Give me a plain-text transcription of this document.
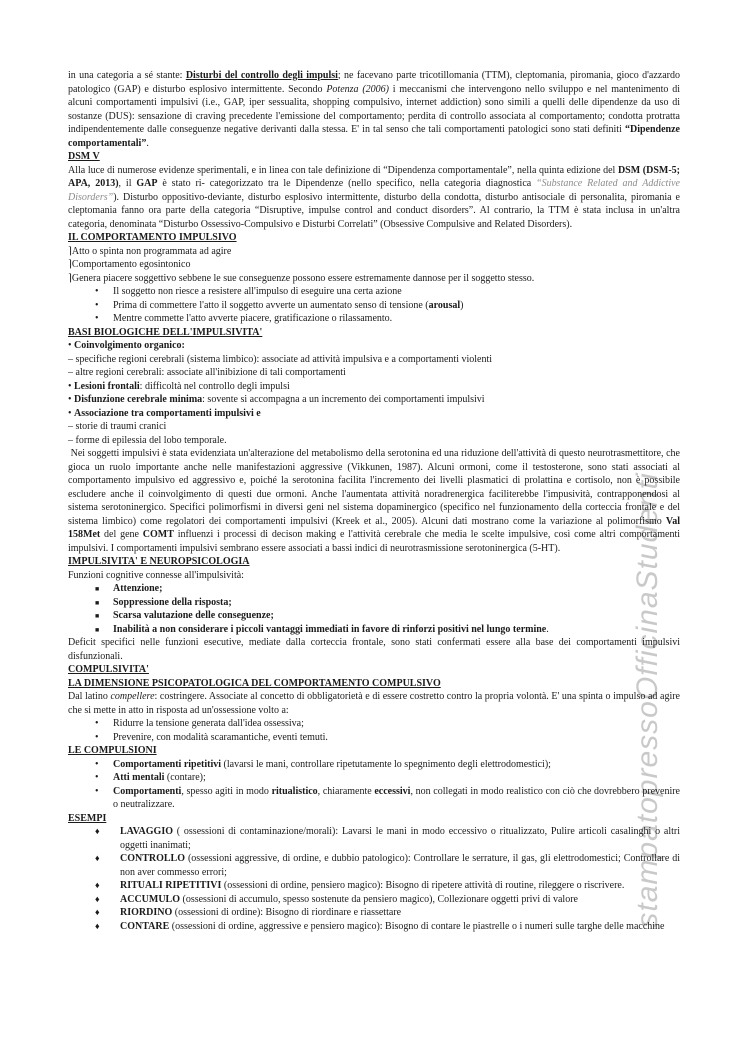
stampatopressoOfficinaStudenti
in una categoria a sé stante: Disturbi del controllo degli impulsi; ne facevano parte tricotillomania (TTM), cleptomania, piromania, gioco d'azzardo patologico (GAP) e disturbo esplosivo intermittente. Secondo Potenza (2006) i meccanismi che intervengono nello sviluppo e nel mantenimento di alcuni comportamenti impulsivi (i.e., GAP, iper sessualita, shopping compulsivo, internet addiction) sono simili a quelli delle dipendenze da uso di sostanze (DUS): sensazione di craving precedente l'emissione del comportamento; perdita di controllo associata al comportamento; condotta protratta indipendentemente dalle conseguenze negative derivanti dalla stessa. E' in tal senso che tali comportamenti patologici sono stati definiti “Dipendenze comportamentali”.
DSM V
Alla luce di numerose evidenze sperimentali, e in linea con tale definizione di “Dipendenza comportamentale”, nella quinta edizione del DSM (DSM-5; APA, 2013), il GAP è stato ri- categorizzato tra le Dipendenze (nello specifico, nella categoria diagnostica “Substance Related and Addictive Disorders”). Disturbo oppositivo-deviante, disturbo esplosivo intermittente, disturbo della condotta, disturbo antisociale di personalita, piromania e cleptomania fanno ora parte della categoria “Disruptive, impulse control and conduct disorders”. Al contrario, la TTM è stata inclusa in un'altra categoria, denominata “Disturbo Ossessivo-Compulsivo e Disturbi Correlati” (Obsessive Compulsive and Related Disorders).
IL COMPORTAMENTO IMPULSIVO
⌉Atto o spinta non programmata ad agire
⌉Comportamento egosintonico
⌉Genera piacere soggettivo sebbene le sue conseguenze possono essere estremamente dannose per il soggetto stesso.
• Il soggetto non riesce a resistere all'impulso di eseguire una certa azione
• Prima di commettere l'atto il soggetto avverte un aumentato senso di tensione (arousal)
• Mentre commette l'atto avverte piacere, gratificazione o rilassamento.
BASI BIOLOGICHE DELL'IMPULSIVITA'
• Coinvolgimento organico:
– specifiche regioni cerebrali (sistema limbico): associate ad attività impulsiva e a comportamenti violenti
– altre regioni cerebrali: associate all'inibizione di tali comportamenti
• Lesioni frontali: difficoltà nel controllo degli impulsi
• Disfunzione cerebrale minima: sovente si accompagna a un incremento dei comportamenti impulsivi
• Associazione tra comportamenti impulsivi e
– storie di traumi cranici
– forme di epilessia del lobo temporale.
Nei soggetti impulsivi è stata evidenziata un'alterazione del metabolismo della serotonina ed una riduzione dell'attività di questo neurotrasmettitore, che gioca un ruolo importante anche nelle manifestazioni aggressive (Vikkunen, 1987). Alcuni ormoni, come il testosterone, sono stati associati al comportamento impulsivo ed aggressivo e, poiché la serotonina facilita l'incremento dei livelli plasmatici di prolattina e cortisolo, non è possibile escludere anche il coinvolgimento di questi due ormoni. Anche l'aumentata attività noradrenergica faciliterebbe l'impusività, contrapponendosi al sistema serotoninergico. Specifici polimorfismi in diversi geni nel sistema dopaminergico (specifico nel funzionamento della corteccia frontale e del sistema limbico) come regolatori dei comportamenti impulsivi (Kreek et al., 2005). Alcuni dati mostrano come la variazione al polimorfismo Val 158Met del gene COMT influenzi i processi di decison making e l'attività cerebrale che media le scelte impulsive, così come altri comportamenti impulsivi. I comportamenti impulsivi sembrano essere associati a bassi indici di neurotrasmissione serotoninergica (5-HT).
IMPULSIVITA' E NEUROPSICOLOGIA
Funzioni cognitive connesse all'impulsività:
■ Attenzione;
■ Soppressione della risposta;
■ Scarsa valutazione delle conseguenze;
■ Inabilità a non considerare i piccoli vantaggi immediati in favore di rinforzi positivi nel lungo termine.
Deficit specifici nelle funzioni esecutive, mediate dalla corteccia frontale, sono stati confermati essere alla base dei comportamenti impulsivi disfunzionali.
COMPULSIVITA'
LA DIMENSIONE PSICOPATOLOGICA DEL COMPORTAMENTO COMPULSIVO
Dal latino compellere: costringere. Associate al concetto di obbligatorietà e di essere costretto contro la propria volontà. E' una spinta o impulso ad agire che si mette in atto in risposta ad un'ossessione volto a:
• Ridurre la tensione generata dall'idea ossessiva;
• Prevenire, con modalità scaramantiche, eventi temuti.
LE COMPULSIONI
• Comportamenti ripetitivi (lavarsi le mani, controllare ripetutamente lo spegnimento degli elettrodomestici);
• Atti mentali (contare);
• Comportamenti, spesso agiti in modo ritualistico, chiaramente eccessivi, non collegati in modo realistico con ciò che dovrebbero prevenire o neutralizzare.
ESEMPI
♦ LAVAGGIO ( ossessioni di contaminazione/morali): Lavarsi le mani in modo eccessivo o ritualizzato, Pulire articoli casalinghi o altri oggetti inanimati;
♦ CONTROLLO (ossessioni aggressive, di ordine, e dubbio patologico): Controllare le serrature, il gas, gli elettrodomestici; Controllare di non aver commesso errori;
♦ RITUALI RIPETITIVI (ossessioni di ordine, pensiero magico): Bisogno di ripetere attività di routine, rileggere o riscrivere.
♦ ACCUMULO (ossessioni di accumulo, spesso sostenute da pensiero magico), Collezionare oggetti privi di valore
♦ RIORDINO (ossessioni di ordine): Bisogno di riordinare e riassettare
♦ CONTARE (ossessioni di ordine, aggressive e pensiero magico): Bisogno di contare le piastrelle o i numeri sulle targhe delle macchine
